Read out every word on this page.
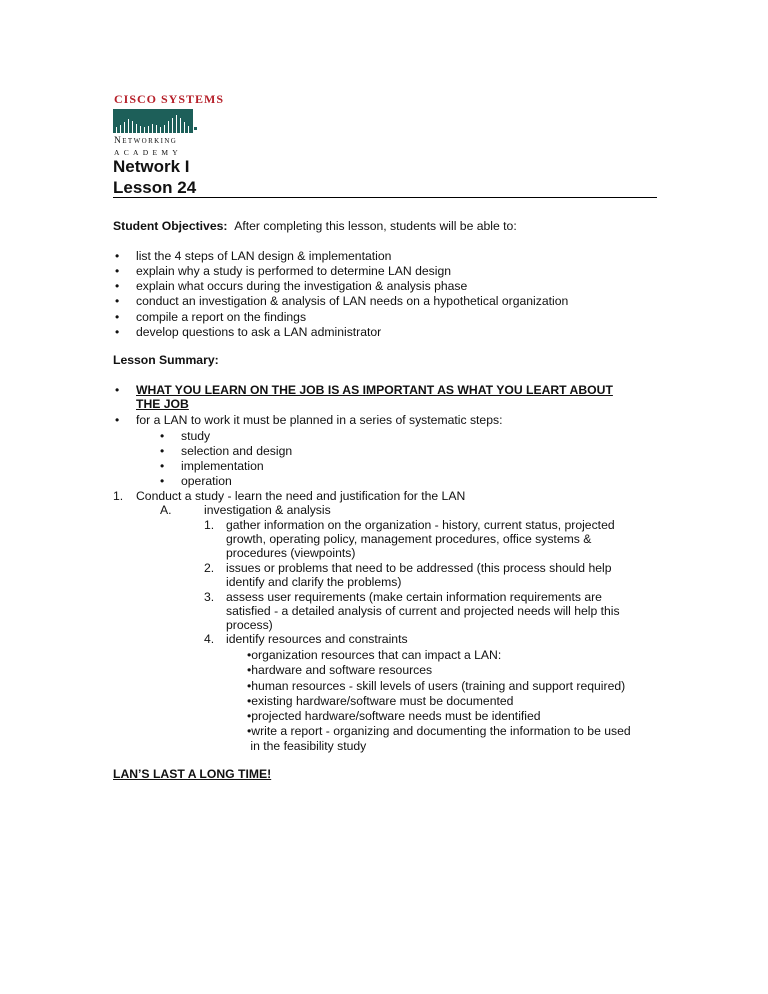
CISCO SYSTEMS
Networking
ACADEMY
Network I
Lesson 24
Student Objectives: After completing this lesson, students will be able to:
• list the 4 steps of LAN design & implementation
• explain why a study is performed to determine LAN design
• explain what occurs during the investigation & analysis phase
• conduct an investigation & analysis of LAN needs on a hypothetical organization
• compile a report on the findings
• develop questions to ask a LAN administrator
Lesson Summary:
• WHAT YOU LEARN ON THE JOB IS AS IMPORTANT AS WHAT YOU LEART ABOUT
THE JOB
• for a LAN to work it must be planned in a series of systematic steps:
• study
• selection and design
• implementation
• operation
1. Conduct a study - learn the need and justification for the LAN
A.	investigation & analysis
1. gather information on the organization - history, current status, projected
growth, operating policy, management procedures, office systems &
procedures (viewpoints)
2. issues or problems that need to be addressed (this process should help
identify and clarify the problems)
3. assess user requirements (make certain information requirements are
satisfied - a detailed analysis of current and projected needs will help this
process)
4. identify resources and constraints
•organization resources that can impact a LAN:
•hardware and software resources
•human resources - skill levels of users (training and support required)
•existing hardware/software must be documented
•projected hardware/software needs must be identified
•write a report - organizing and documenting the information to be used
in the feasibility study
LAN’S LAST A LONG TIME!
